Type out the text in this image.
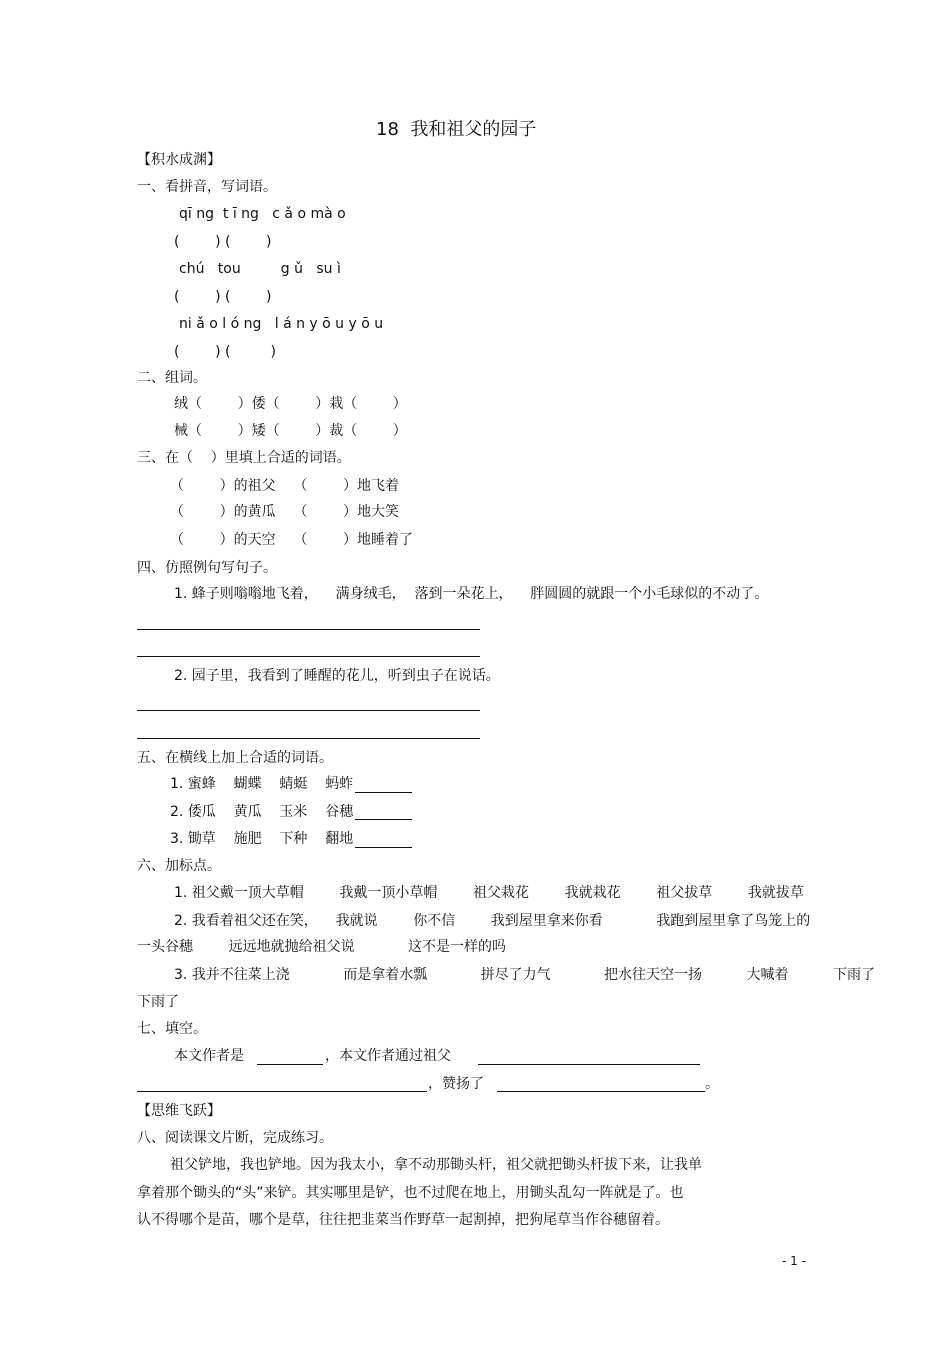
18  我和祖父的园子
【积水成渊】
一、看拼音，写词语。
qī ng  t ī ng   c ǎ o mà o
(        ) (        )
chú   tou         g ǔ   su ì
(        ) (        )
ni ǎ o l ó ng   l á n y ō u y ō u
(        ) (         )
二、组词。
绒（        ）倭（        ）栽（        ）
械（        ）矮（        ）裁（        ）
三、在（    ）里填上合适的词语。
（        ）的祖父    （        ）地飞着
（        ）的黄瓜    （        ）地大笑
（        ）的天空    （        ）地睡着了
四、仿照例句写句子。
1. 蜂子则嗡嗡地飞着，    满身绒毛，  落到一朵花上，    胖圆圆的就跟一个小毛球似的不动了。
2. 园子里，我看到了睡醒的花儿，听到虫子在说话。
五、在横线上加上合适的词语。
1. 蜜蜂    蝴蝶    蜻蜓    蚂蚱
2. 倭瓜    黄瓜    玉米    谷穗
3. 锄草    施肥    下种    翻地
六、加标点。
1. 祖父戴一顶大草帽        我戴一顶小草帽        祖父栽花        我就栽花        祖父拔草        我就拔草
2. 我看着祖父还在笑，    我就说        你不信        我到屋里拿来你看            我跑到屋里拿了鸟笼上的
一头谷穗        远远地就抛给祖父说            这不是一样的吗
3. 我并不往菜上浇            而是拿着水瓢            拼尽了力气            把水往天空一扬          大喊着          下雨了
下雨了
七、填空。
本文作者是	，本文作者通过祖父
，赞扬了	。
【思维飞跃】
八、阅读课文片断，完成练习。
祖父铲地，我也铲地。因为我太小，拿不动那锄头杆，祖父就把锄头杆拔下来，让我单
拿着那个锄头的“头”来铲。其实哪里是铲，也不过爬在地上，用锄头乱勾一阵就是了。也
认不得哪个是苗，哪个是草，往往把韭菜当作野草一起割掉，把狗尾草当作谷穗留着。
- 1 -
